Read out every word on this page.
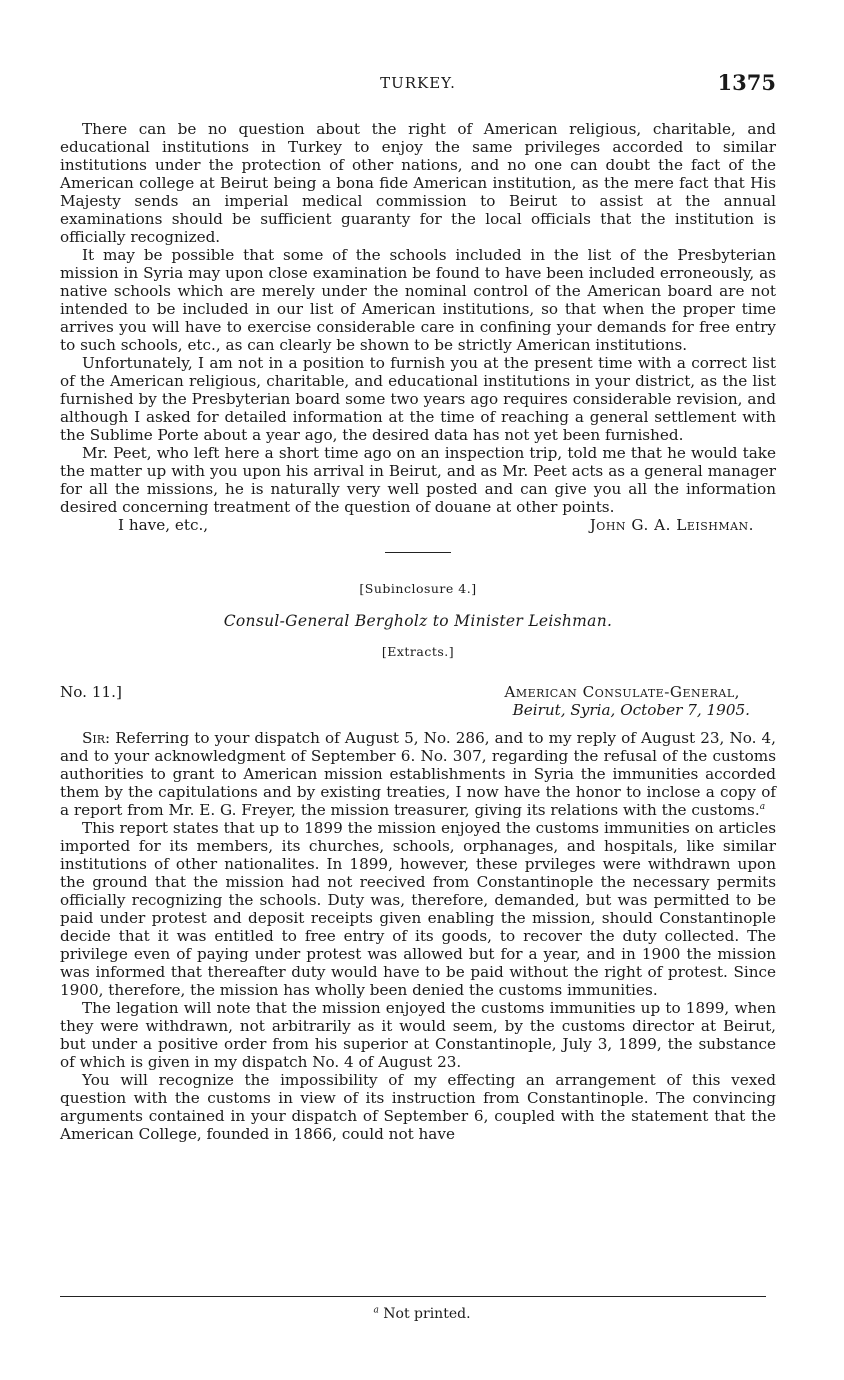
TURKEY.	1375

There can be no question about the right of American religious, charitable, and educational institutions in Turkey to enjoy the same privileges accorded to similar institutions under the protection of other nations, and no one can doubt the fact of the American college at Beirut being a bona fide American institution, as the mere fact that His Majesty sends an imperial medical commission to Beirut to assist at the annual examinations should be sufficient guaranty for the local officials that the institution is officially recognized.

It may be possible that some of the schools included in the list of the Presbyterian mission in Syria may upon close examination be found to have been included erroneously, as native schools which are merely under the nominal control of the American board are not intended to be included in our list of American institutions, so that when the proper time arrives you will have to exercise considerable care in confining your demands for free entry to such schools, etc., as can clearly be shown to be strictly American institutions.

Unfortunately, I am not in a position to furnish you at the present time with a correct list of the American religious, charitable, and educational institutions in your district, as the list furnished by the Presbyterian board some two years ago requires considerable revision, and although I asked for detailed information at the time of reaching a general settlement with the Sublime Porte about a year ago, the desired data has not yet been furnished.

Mr. Peet, who left here a short time ago on an inspection trip, told me that he would take the matter up with you upon his arrival in Beirut, and as Mr. Peet acts as a general manager for all the missions, he is naturally very well posted and can give you all the information desired concerning treatment of the question of douane at other points.

I have, etc.,	John G. A. Leishman.
[Subinclosure 4.]
Consul-General Bergholz to Minister Leishman.
[Extracts.]
No. 11.]	American Consulate-General,
Beirut, Syria, October 7, 1905.

Sir: Referring to your dispatch of August 5, No. 286, and to my reply of August 23, No. 4, and to your acknowledgment of September 6. No. 307, regarding the refusal of the customs authorities to grant to American mission establishments in Syria the immunities accorded them by the capitulations and by existing treaties, I now have the honor to inclose a copy of a report from Mr. E. G. Freyer, the mission treasurer, giving its relations with the customs.$^a$

This report states that up to 1899 the mission enjoyed the customs immunities on articles imported for its members, its churches, schools, orphanages, and hospitals, like similar institutions of other nationalites. In 1899, however, these prvileges were withdrawn upon the ground that the mission had not reecived from Constantinople the necessary permits officially recognizing the schools. Duty was, therefore, demanded, but was permitted to be paid under protest and deposit receipts given enabling the mission, should Constantinople decide that it was entitled to free entry of its goods, to recover the duty collected. The privilege even of paying under protest was allowed but for a year, and in 1900 the mission was informed that thereafter duty would have to be paid without the right of protest. Since 1900, therefore, the mission has wholly been denied the customs immunities.

The legation will note that the mission enjoyed the customs immunities up to 1899, when they were withdrawn, not arbitrarily as it would seem, by the customs director at Beirut, but under a positive order from his superior at Constantinople, July 3, 1899, the substance of which is given in my dispatch No. 4 of August 23.

You will recognize the impossibility of my effecting an arrangement of this vexed question with the customs in view of its instruction from Constantinople. The convincing arguments contained in your dispatch of September 6, coupled with the statement that the American College, founded in 1866, could not have

$^a$ Not printed.
